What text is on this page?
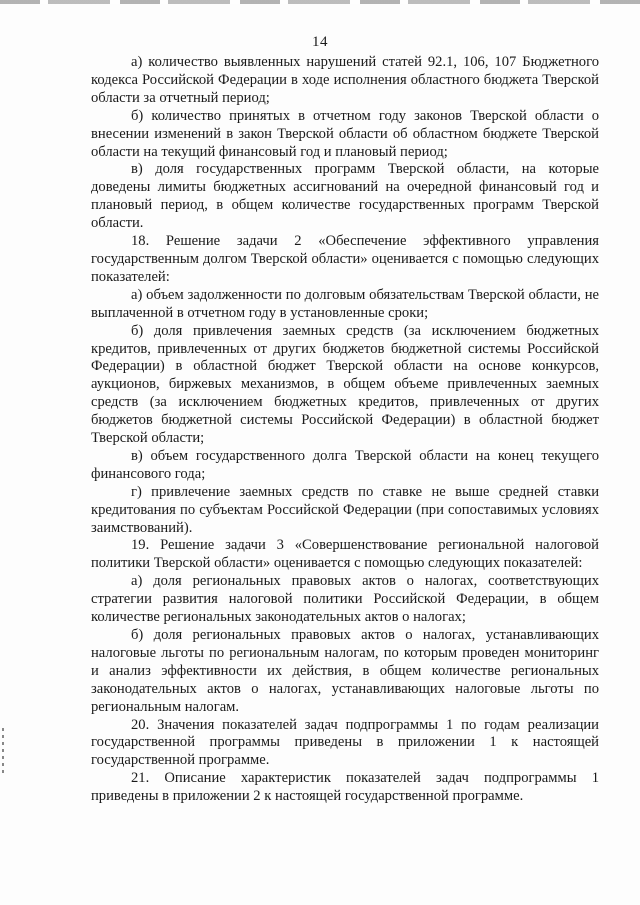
14

а) количество выявленных нарушений статей 92.1, 106, 107 Бюджетного кодекса Российской Федерации в ходе исполнения областного бюджета Тверской области за отчетный период;

б) количество принятых в отчетном году законов Тверской области о внесении изменений в закон Тверской области об областном бюджете Тверской области на текущий финансовый год и плановый период;

в) доля государственных программ Тверской области, на которые доведены лимиты бюджетных ассигнований на очередной финансовый год и плановый период, в общем количестве государственных программ Тверской области.

18. Решение задачи 2 «Обеспечение эффективного управления государственным долгом Тверской области» оценивается с помощью следующих показателей:

а) объем задолженности по долговым обязательствам Тверской области, не выплаченной в отчетном году в установленные сроки;

б) доля привлечения заемных средств (за исключением бюджетных кредитов, привлеченных от других бюджетов бюджетной системы Российской Федерации) в областной бюджет Тверской области на основе конкурсов, аукционов, биржевых механизмов, в общем объеме привлеченных заемных средств (за исключением бюджетных кредитов, привлеченных от других бюджетов бюджетной системы Российской Федерации) в областной бюджет Тверской области;

в) объем государственного долга Тверской области на конец текущего финансового года;

г) привлечение заемных средств по ставке не выше средней ставки кредитования по субъектам Российской Федерации (при сопоставимых условиях заимствований).

19. Решение задачи 3 «Совершенствование региональной налоговой политики Тверской области» оценивается с помощью следующих показателей:

а) доля региональных правовых актов о налогах, соответствующих стратегии развития налоговой политики Российской Федерации, в общем количестве региональных законодательных актов о налогах;

б) доля региональных правовых актов о налогах, устанавливающих налоговые льготы по региональным налогам, по которым проведен мониторинг и анализ эффективности их действия, в общем количестве региональных законодательных актов о налогах, устанавливающих налоговые льготы по региональным налогам.

20. Значения показателей задач подпрограммы 1 по годам реализации государственной программы приведены в приложении 1 к настоящей государственной программе.

21. Описание характеристик показателей задач подпрограммы 1 приведены в приложении 2 к настоящей государственной программе.
